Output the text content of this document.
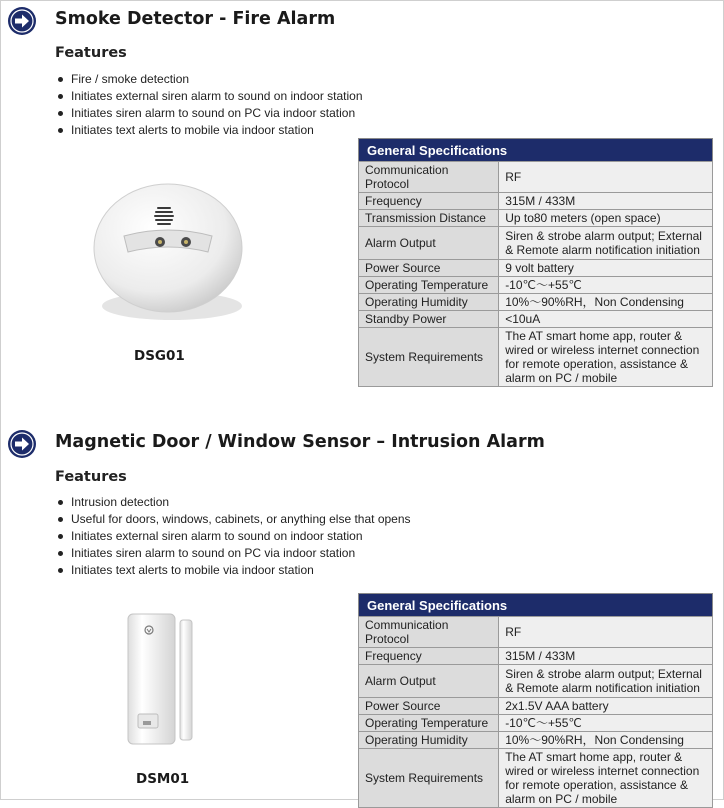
Smoke Detector - Fire Alarm
Features
Fire / smoke detection
Initiates external siren alarm to sound on indoor station
Initiates siren alarm to sound on PC via indoor station
Initiates text alerts to mobile via indoor station
DSG01
General Specifications	
Communication Protocol	RF
Frequency	315M / 433M
Transmission Distance	Up to80 meters (open space)
Alarm Output	Siren & strobe alarm output; External & Remote alarm notification initiation
Power Source	9 volt battery
Operating Temperature	-10℃～+55℃
Operating Humidity	10%～90%RH，Non Condensing
Standby Power	<10uA
System Requirements	The AT smart home app, router & wired or wireless internet connection for remote operation, assistance & alarm on PC / mobile
Magnetic Door / Window Sensor – Intrusion Alarm
Features
Intrusion detection
Useful for doors, windows, cabinets, or anything else that opens
Initiates external siren alarm to sound on indoor station
Initiates siren alarm to sound on PC via indoor station
Initiates text alerts to mobile via indoor station
DSM01
General Specifications	
Communication Protocol	RF
Frequency	315M / 433M
Alarm Output	Siren & strobe alarm output; External & Remote alarm notification initiation
Power Source	2x1.5V AAA battery
Operating Temperature	-10℃～+55℃
Operating Humidity	10%～90%RH，Non Condensing
System Requirements	The AT smart home app, router & wired or wireless internet connection for remote operation, assistance & alarm on PC / mobile
